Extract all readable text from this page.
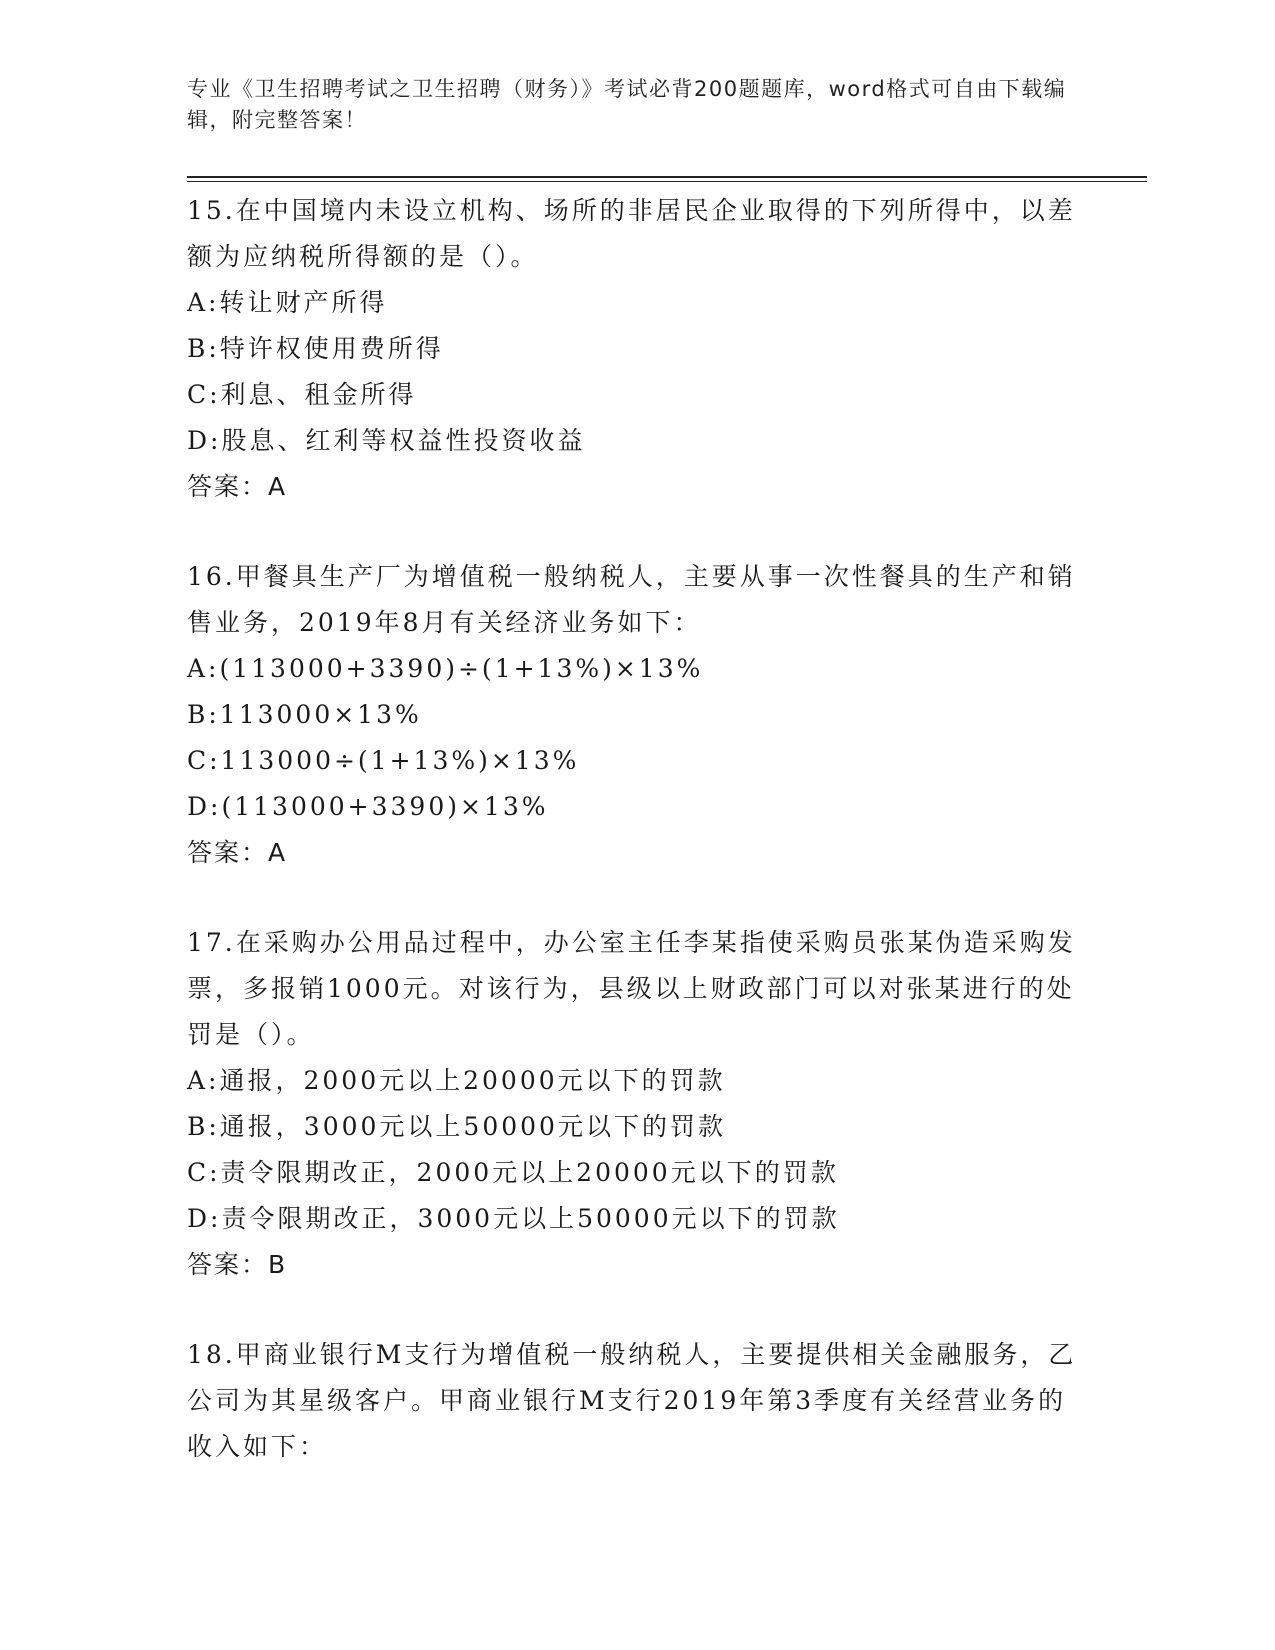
专业《卫生招聘考试之卫生招聘（财务）》考试必背200题题库，word格式可自由下载编辑，附完整答案！

15.在中国境内未设立机构、场所的非居民企业取得的下列所得中，以差额为应纳税所得额的是（）。

A:转让财产所得

B:特许权使用费所得

C:利息、租金所得

D:股息、红利等权益性投资收益

答案：A

16.甲餐具生产厂为增值税一般纳税人，主要从事一次性餐具的生产和销售业务，2019年8月有关经济业务如下：

A:(113000+3390)÷(1+13%)×13%

B:113000×13%

C:113000÷(1+13%)×13%

D:(113000+3390)×13%

答案：A

17.在采购办公用品过程中，办公室主任李某指使采购员张某伪造采购发票，多报销1000元。对该行为，县级以上财政部门可以对张某进行的处罚是（）。

A:通报，2000元以上20000元以下的罚款

B:通报，3000元以上50000元以下的罚款

C:责令限期改正，2000元以上20000元以下的罚款

D:责令限期改正，3000元以上50000元以下的罚款

答案：B

18.甲商业银行M支行为增值税一般纳税人，主要提供相关金融服务，乙公司为其星级客户。甲商业银行M支行2019年第3季度有关经营业务的收入如下：
